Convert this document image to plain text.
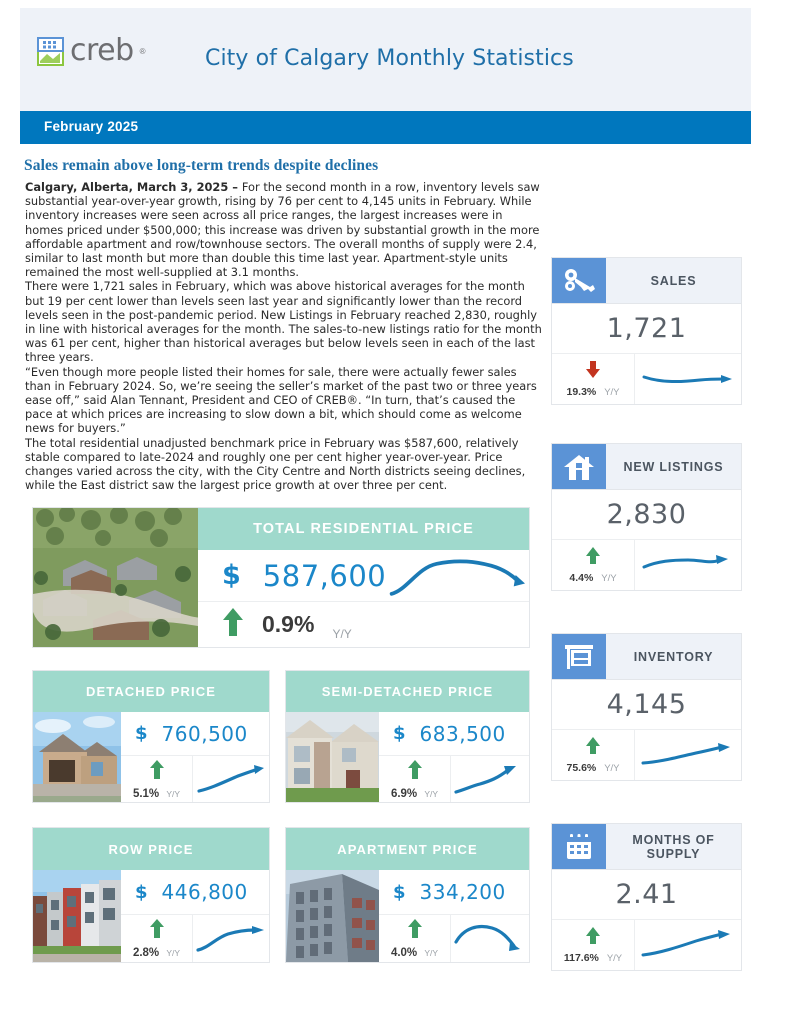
creb ®	City of Calgary Monthly Statistics
February 2025
Sales remain above long-term trends despite declines

Calgary, Alberta, March 3, 2025 – For the second month in a row, inventory levels saw substantial year-over-year growth, rising by 76 per cent to 4,145 units in February. While inventory increases were seen across all price ranges, the largest increases were in homes priced under $500,000; this increase was driven by substantial growth in the more affordable apartment and row/townhouse sectors. The overall months of supply were 2.4, similar to last month but more than double this time last year. Apartment-style units remained the most well-supplied at 3.1 months.

There were 1,721 sales in February, which was above historical averages for the month but 19 per cent lower than levels seen last year and significantly lower than the record levels seen in the post-pandemic period. New Listings in February reached 2,830, roughly in line with historical averages for the month. The sales-to-new listings ratio for the month was 61 per cent, higher than historical averages but below levels seen in each of the last three years.

“Even though more people listed their homes for sale, there were actually fewer sales than in February 2024. So, we’re seeing the seller’s market of the past two or three years ease off,” said Alan Tennant, President and CEO of CREB®. “In turn, that’s caused the pace at which prices are increasing to slow down a bit, which should come as welcome news for buyers.”

The total residential unadjusted benchmark price in February was $587,600, relatively stable compared to late-2024 and roughly one per cent higher year-over-year. Price changes varied across the city, with the City Centre and North districts seeing declines, while the East district saw the largest price growth at over three per cent.

TOTAL RESIDENTIAL PRICE
$ 587,600
0.9% Y/Y
DETACHED PRICE
$ 760,500
5.1% Y/Y
SEMI-DETACHED PRICE
$ 683,500
6.9% Y/Y
ROW PRICE
$ 446,800
2.8% Y/Y
APARTMENT PRICE
$ 334,200
4.0% Y/Y
SALES
1,721
19.3% Y/Y
NEW LISTINGS
2,830
4.4% Y/Y
INVENTORY
4,145
75.6% Y/Y
MONTHS OF SUPPLY
2.41
117.6% Y/Y
